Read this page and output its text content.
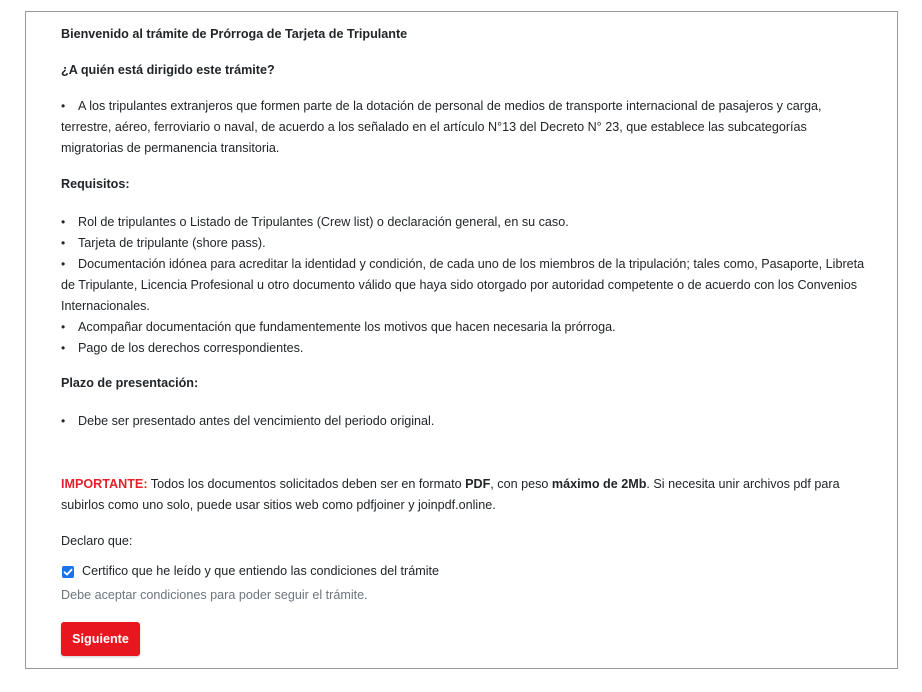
Bienvenido al trámite de Prórroga de Tarjeta de Tripulante

¿A quién está dirigido este trámite?

• A los tripulantes extranjeros que formen parte de la dotación de personal de medios de transporte internacional de pasajeros y carga, terrestre, aéreo, ferroviario o naval, de acuerdo a los señalado en el artículo N°13 del Decreto N° 23, que establece las subcategorías migratorias de permanencia transitoria.

Requisitos:

• Rol de tripulantes o Listado de Tripulantes (Crew list) o declaración general, en su caso.

• Tarjeta de tripulante (shore pass).

• Documentación idónea para acreditar la identidad y condición, de cada uno de los miembros de la tripulación; tales como, Pasaporte, Libreta de Tripulante, Licencia Profesional u otro documento válido que haya sido otorgado por autoridad competente o de acuerdo con los Convenios Internacionales.

• Acompañar documentación que fundamentemente los motivos que hacen necesaria la prórroga.

• Pago de los derechos correspondientes.

Plazo de presentación:

• Debe ser presentado antes del vencimiento del periodo original.

IMPORTANTE: Todos los documentos solicitados deben ser en formato PDF, con peso máximo de 2Mb. Si necesita unir archivos pdf para subirlos como uno solo, puede usar sitios web como pdfjoiner y joinpdf.online.

Declaro que:

Certifico que he leído y que entiendo las condiciones del trámite

Debe aceptar condiciones para poder seguir el trámite.

Siguiente
